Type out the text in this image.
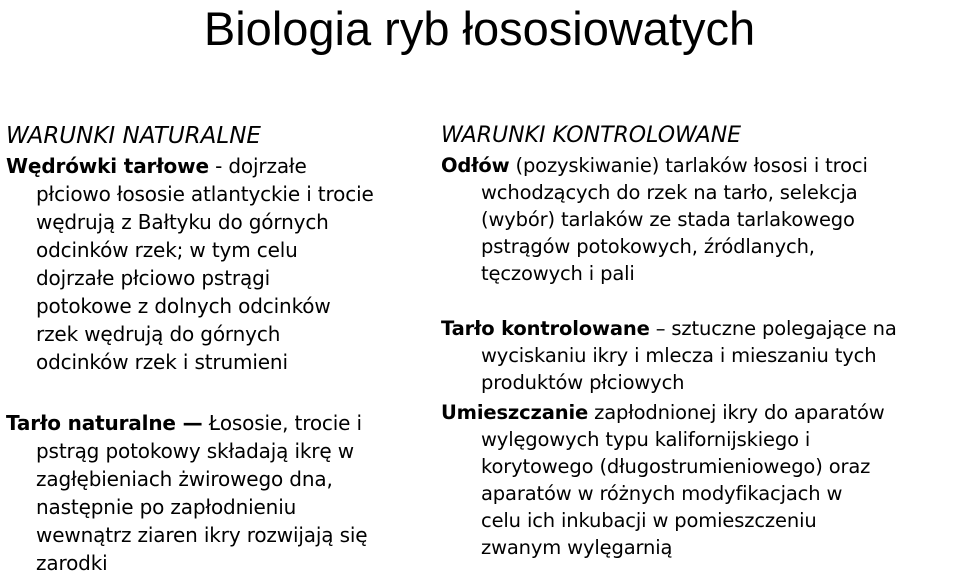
Biologia ryb łososiowatych
WARUNKI NATURALNE
Wędrówki tarłowe - dojrzałe
płciowo łososie atlantyckie i trocie
wędrują z Bałtyku do górnych
odcinków rzek; w tym celu
dojrzałe płciowo pstrągi
potokowe z dolnych odcinków
rzek wędrują do górnych
odcinków rzek i strumieni
Tarło naturalne — Łososie, trocie i
pstrąg potokowy składają ikrę w
zagłębieniach żwirowego dna,
następnie po zapłodnieniu
wewnątrz ziaren ikry rozwijają się
zarodki
WARUNKI KONTROLOWANE
Odłów (pozyskiwanie) tarlaków łososi i troci
wchodzących do rzek na tarło, selekcja
(wybór) tarlaków ze stada tarlakowego
pstrągów potokowych, źródlanych,
tęczowych i pali
Tarło kontrolowane – sztuczne polegające na
wyciskaniu ikry i mlecza i mieszaniu tych
produktów płciowych
Umieszczanie zapłodnionej ikry do aparatów
wylęgowych typu kalifornijskiego i
korytowego (długostrumieniowego) oraz
aparatów w różnych modyfikacjach w
celu ich inkubacji w pomieszczeniu
zwanym wylęgarnią
